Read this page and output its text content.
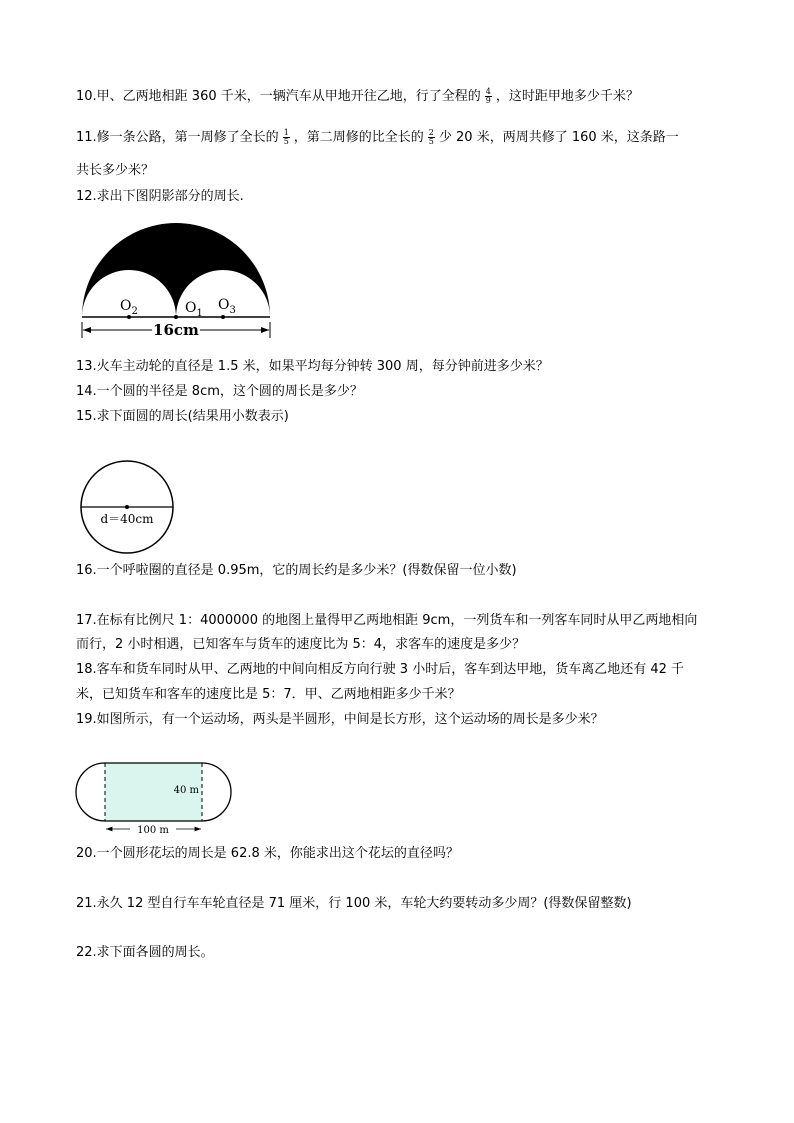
10.甲、乙两地相距 360 千米，一辆汽车从甲地开往乙地，行了全程的 $\frac{4}{9}$ ，这时距甲地多少千米？
11.修一条公路，第一周修了全长的 $\frac{1}{5}$ ，第二周修的比全长的 $\frac{2}{5}$ 少 20 米，两周共修了 160 米，这条路一
共长多少米？
12.求出下图阴影部分的周长.
$O_2$	$O_1$
$O_3$
16cm
13.火车主动轮的直径是 1.5 米，如果平均每分钟转 300 周，每分钟前进多少米？
14.一个圆的半径是 8cm，这个圆的周长是多少？
15.求下面圆的周长(结果用小数表示)
d＝40cm
16.一个呼啦圈的直径是 0.95m，它的周长约是多少米？(得数保留一位小数)
17.在标有比例尺 1：4000000 的地图上量得甲乙两地相距 9cm，一列货车和一列客车同时从甲乙两地相向
而行，2 小时相遇，已知客车与货车的速度比为 5：4，求客车的速度是多少？
18.客车和货车同时从甲、乙两地的中间向相反方向行驶 3 小时后，客车到达甲地，货车离乙地还有 42 千
米，已知货车和客车的速度比是 5：7．甲、乙两地相距多少千米？
19.如图所示，有一个运动场，两头是半圆形，中间是长方形，这个运动场的周长是多少米？
40 m
100 m
20.一个圆形花坛的周长是 62.8 米，你能求出这个花坛的直径吗？
21.永久 12 型自行车车轮直径是 71 厘米，行 100 米，车轮大约要转动多少周？(得数保留整数)
22.求下面各圆的周长。
